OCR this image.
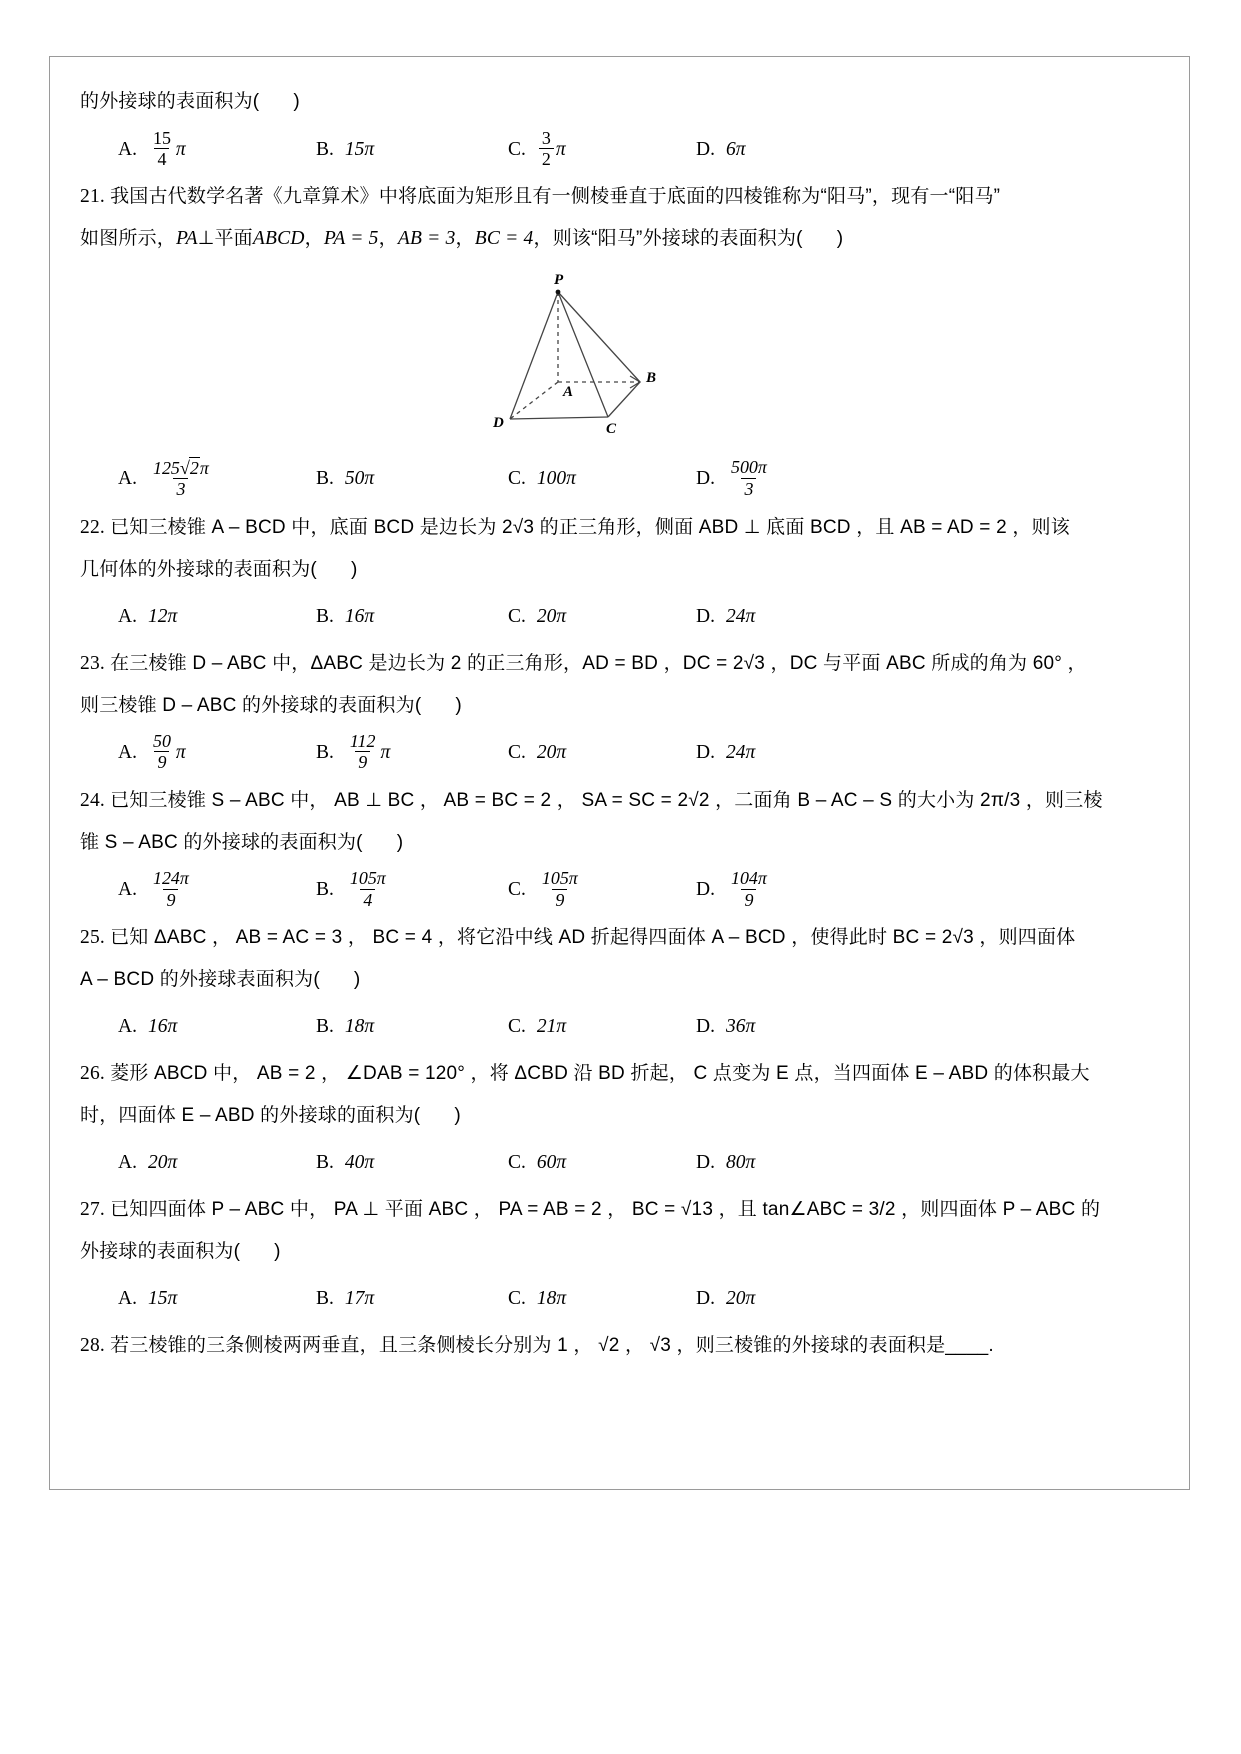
的外接球的表面积为( )

A. $\frac{15}{4}$ π	B. 15π	C. $\frac{3}{2}$ π	D. 6π

21. 我国古代数学名著《九章算术》中将底面为矩形且有一侧棱垂直于底面的四棱锥称为“阳马”，现有一“阳马”

如图所示，PA⊥平面ABCD，PA = 5，AB = 3，BC = 4，则该“阳马”外接球的表面积为( )

P
A
B
C
D
A. $\frac{125√2\pi}{3}$	B. 50π	C. 100π	D. $\frac{500\pi}{3}$

22. 已知三棱锥 A – BCD 中，底面 BCD 是边长为 2√3 的正三角形，侧面 ABD ⊥ 底面 BCD ，且 AB = AD = 2 ，则该

几何体的外接球的表面积为( )

A. 12π	B. 16π	C. 20π	D. 24π

23. 在三棱锥 D – ABC 中，ΔABC 是边长为 2 的正三角形，AD = BD ，DC = 2√3 ，DC 与平面 ABC 所成的角为 60° ，

则三棱锥 D – ABC 的外接球的表面积为( )

A. $\frac{50}{9}$ π	B. $\frac{112}{9}$ π	C. 20π	D. 24π

24. 已知三棱锥 S – ABC 中， AB ⊥ BC ， AB = BC = 2 ， SA = SC = 2√2 ，二面角 B – AC – S 的大小为 2π/3 ，则三棱

锥 S – ABC 的外接球的表面积为( )

A. $\frac{124\pi}{9}$	B. $\frac{105\pi}{4}$	C. $\frac{105\pi}{9}$	D. $\frac{104\pi}{9}$

25. 已知 ΔABC ， AB = AC = 3 ， BC = 4 ，将它沿中线 AD 折起得四面体 A – BCD ，使得此时 BC = 2√3 ，则四面体

A – BCD 的外接球表面积为( )

A. 16π	B. 18π	C. 21π	D. 36π

26. 菱形 ABCD 中， AB = 2 ， ∠DAB = 120° ，将 ΔCBD 沿 BD 折起， C 点变为 E 点，当四面体 E – ABD 的体积最大

时，四面体 E – ABD 的外接球的面积为( )

A. 20π	B. 40π	C. 60π	D. 80π

27. 已知四面体 P – ABC 中， PA ⊥ 平面 ABC ， PA = AB = 2 ， BC = √13 ，且 tan∠ABC = 3/2 ，则四面体 P – ABC 的

外接球的表面积为( )

A. 15π	B. 17π	C. 18π	D. 20π

28. 若三棱锥的三条侧棱两两垂直，且三条侧棱长分别为 1 ， √2 ， √3 ，则三棱锥的外接球的表面积是____.
